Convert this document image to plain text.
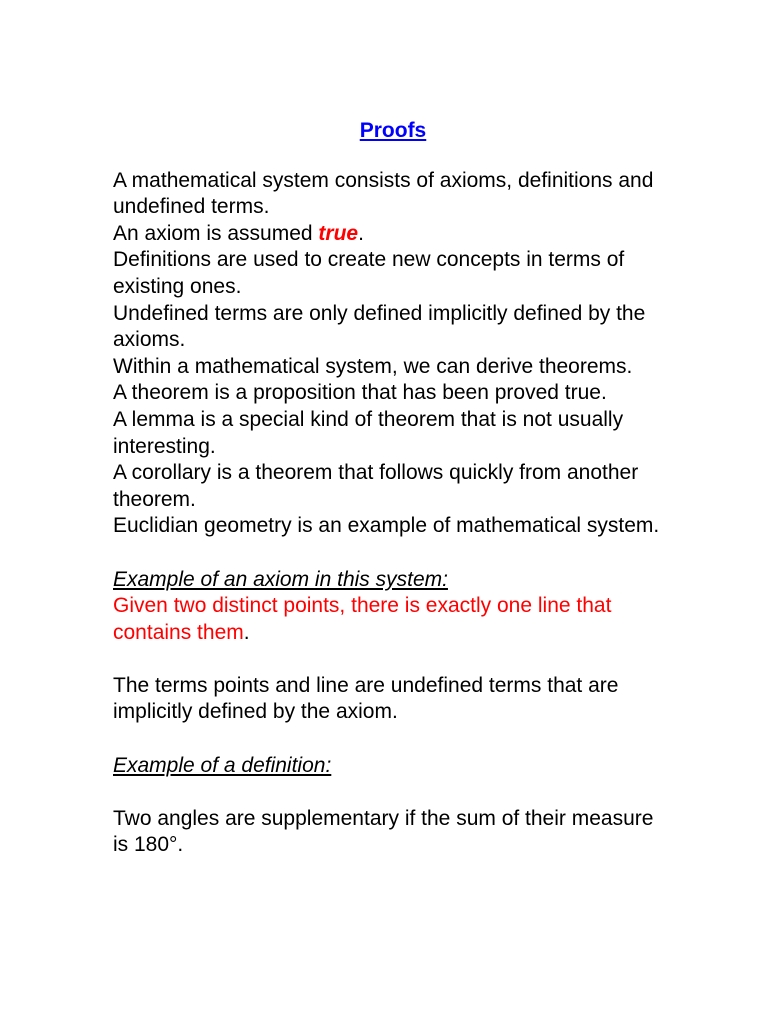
Proofs

A mathematical system consists of axioms, definitions and undefined terms.

An axiom is assumed true.

Definitions are used to create new concepts in terms of existing ones.

Undefined terms are only defined implicitly defined by the axioms.

Within a mathematical system, we can derive theorems.

A theorem is a proposition that has been proved true.

A lemma is a special kind of theorem that is not usually interesting.

A corollary is a theorem that follows quickly from another theorem.

Euclidian geometry is an example of mathematical system.

Example of an axiom in this system:

Given two distinct points, there is exactly one line that contains them.

The terms points and line are undefined terms that are implicitly defined by the axiom.

Example of a definition:

Two angles are supplementary if the sum of their measure is 180°.
